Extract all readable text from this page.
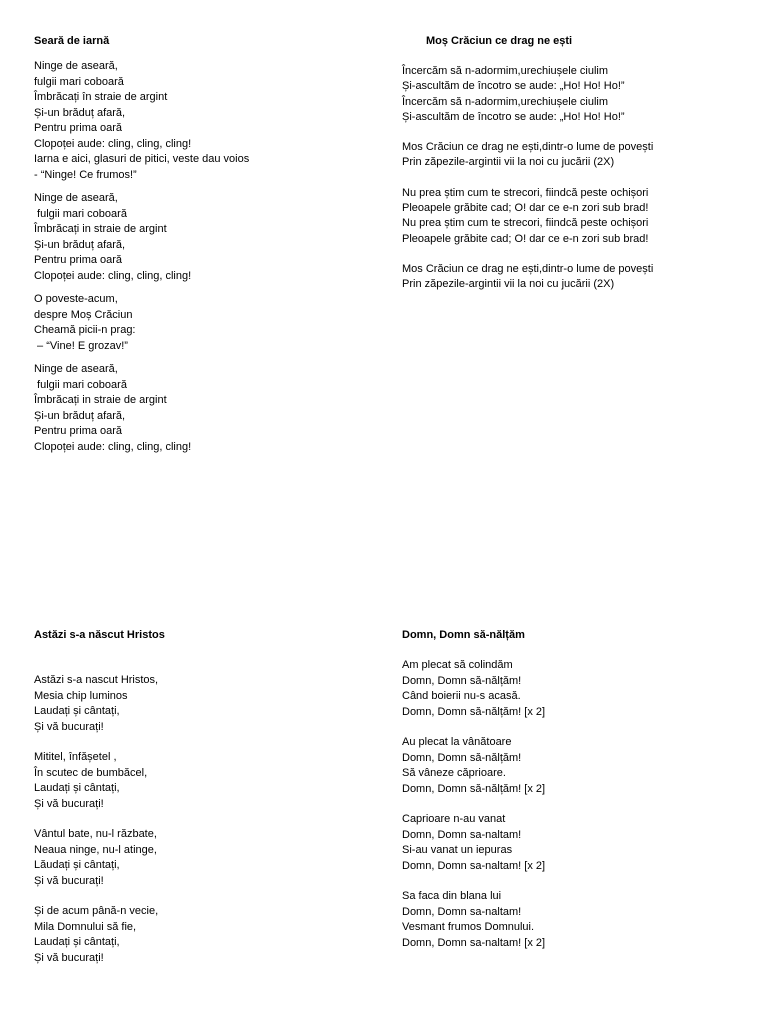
Seară de iarnă
Ninge de aseară,
fulgii mari coboară
Îmbrăcați în straie de argint
Și-un brăduț afară,
Pentru prima oară
Clopoței aude: cling, cling, cling!
Iarna e aici, glasuri de pitici, veste dau voios
- “Ninge! Ce frumos!”
Ninge de aseară,
fulgii mari coboară
Îmbrăcați in straie de argint
Și-un brăduț afară,
Pentru prima oară
Clopoței aude: cling, cling, cling!
O poveste-acum,
despre Moș Crăciun
Cheamă picii-n prag:
– “Vine! E grozav!”
Ninge de aseară,
fulgii mari coboară
Îmbrăcați in straie de argint
Și-un brăduț afară,
Pentru prima oară
Clopoței aude: cling, cling, cling!
Moș Crăciun ce drag ne ești
Încercăm să n-adormim,urechiușele ciulim
Și-ascultăm de încotro se aude: „Ho! Ho! Ho!”
Încercăm să n-adormim,urechiușele ciulim
Și-ascultăm de încotro se aude: „Ho! Ho! Ho!”
Mos Crăciun ce drag ne ești,dintr-o lume de povești
Prin zăpezile-argintii vii la noi cu jucării (2X)
Nu prea știm cum te strecori, fiindcă peste ochișori
Pleoapele grăbite cad; O! dar ce e-n zori sub brad!
Nu prea știm cum te strecori, fiindcă peste ochișori
Pleoapele grăbite cad; O! dar ce e-n zori sub brad!
Mos Crăciun ce drag ne ești,dintr-o lume de povești
Prin zăpezile-argintii vii la noi cu jucării (2X)
Astăzi s-a născut Hristos
Astăzi s-a nascut Hristos,
Mesia chip luminos
Laudați și cântați,
Și vă bucurați!
Mititel, înfășetel ,
În scutec de bumbăcel,
Laudați și cântați,
Și vă bucurați!
Vântul bate, nu-l răzbate,
Neaua ninge, nu-l atinge,
Lăudați și cântați,
Și vă bucurați!
Și de acum până-n vecie,
Mila Domnului să fie,
Laudați și cântați,
Și vă bucurați!
Domn, Domn să-nălțăm
Am plecat să colindăm
Domn, Domn să-nălțăm!
Când boierii nu-s acasă.
Domn, Domn să-nălțăm! [x 2]
Au plecat la vânătoare
Domn, Domn să-nălțăm!
Să vâneze căprioare.
Domn, Domn să-nălțăm! [x 2]
Caprioare n-au vanat
Domn, Domn sa-naltam!
Si-au vanat un iepuras
Domn, Domn sa-naltam! [x 2]
Sa faca din blana lui
Domn, Domn sa-naltam!
Vesmant frumos Domnului.
Domn, Domn sa-naltam! [x 2]
